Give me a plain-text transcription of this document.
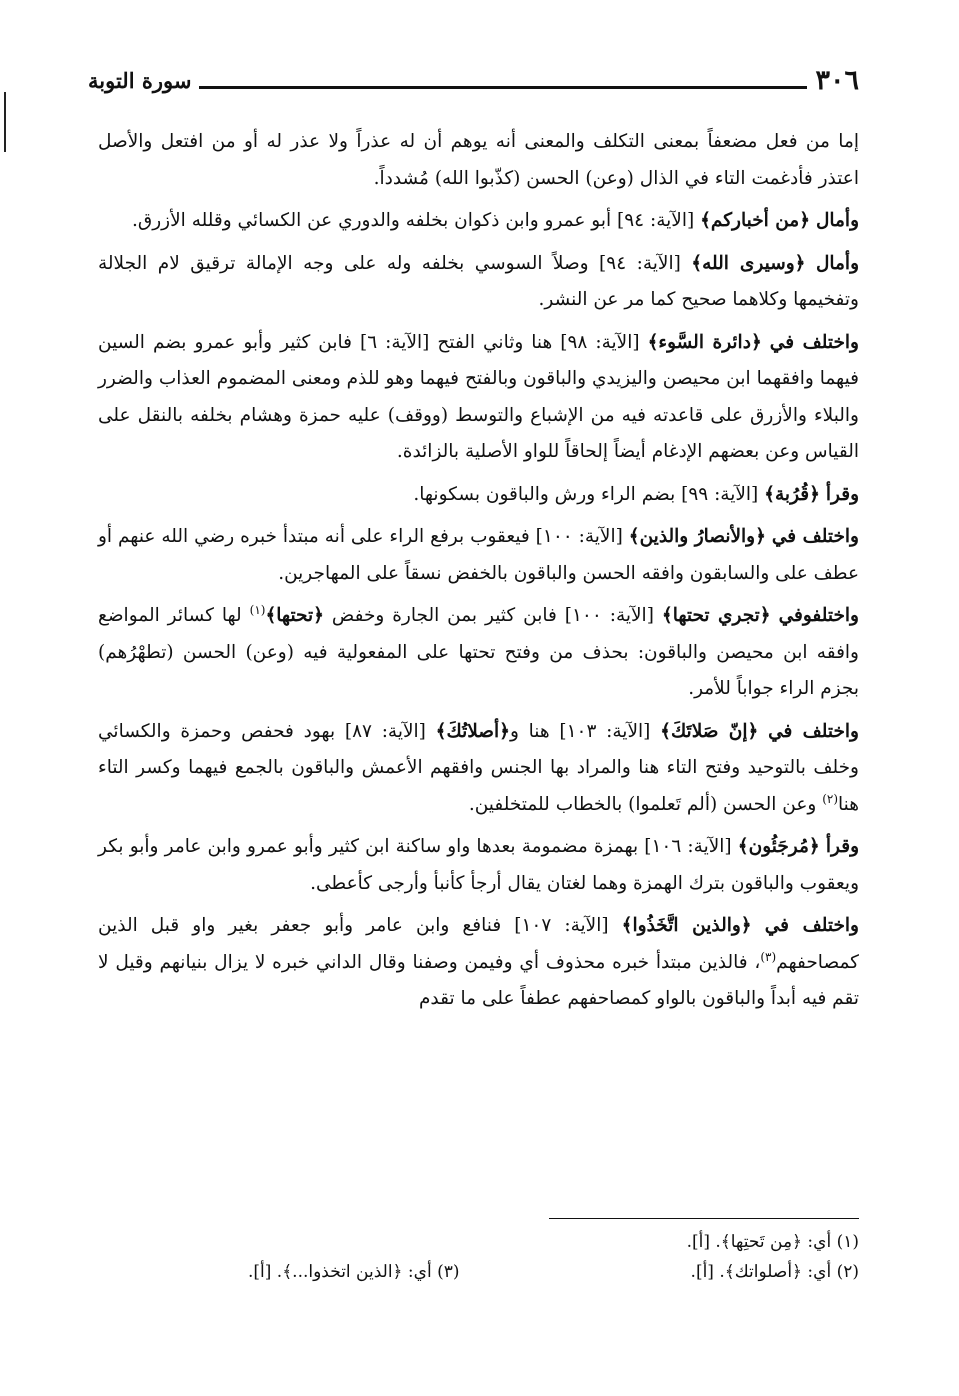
٣٠٦
سورة التوبة

إما من فعل مضعفاً بمعنى التكلف والمعنى أنه يوهم أن له عذراً ولا عذر له أو من افتعل والأصل اعتذر فأدغمت التاء في الذال (وعن) الحسن (كذّبوا الله) مُشدداً.

وأمال ﴿من أخباركم﴾ [الآية: ٩٤] أبو عمرو وابن ذكوان بخلفه والدوري عن الكسائي وقلله الأزرق.

وأمال ﴿وسيرى الله﴾ [الآية: ٩٤] وصلاً السوسي بخلفه وله على وجه الإمالة ترقيق لام الجلالة وتفخيمها وكلاهما صحيح كما مر عن النشر.

واختلف في ﴿دائرة السَّوء﴾ [الآية: ٩٨] هنا وثاني الفتح [الآية: ٦] فابن كثير وأبو عمرو بضم السين فيهما وافقهما ابن محيصن واليزيدي والباقون وبالفتح فيهما وهو للذم ومعنى المضموم العذاب والضرر والبلاء والأزرق على قاعدته فيه من الإشباع والتوسط (ووقف) عليه حمزة وهشام بخلفه بالنقل على القياس وعن بعضهم الإدغام أيضاً إلحاقاً للواو الأصلية بالزائدة.

وقرأ ﴿قُرُبة﴾ [الآية: ٩٩] بضم الراء ورش والباقون بسكونها.

واختلف في ﴿والأنصارُ والذين﴾ [الآية: ١٠٠] فيعقوب برفع الراء على أنه مبتدأ خبره رضي الله عنهم أو عطف على والسابقون وافقه الحسن والباقون بالخفض نسقاً على المهاجرين.

واختلفوفي ﴿تجري تحتها﴾ [الآية: ١٠٠] فابن كثير بمن الجارة وخفض ﴿تحتها﴾$^{(١)}$ لها كسائر المواضع وافقه ابن محيصن والباقون: بحذف من وفتح تحتها على المفعولية فيه (وعن) الحسن (تطهْرُهم) بجزم الراء جواباً للأمر.

واختلف في ﴿إنّ صَلاتَكَ﴾ [الآية: ١٠٣] هنا و﴿أصلاتُكَ﴾ [الآية: ٨٧] بهود فحفص وحمزة والكسائي وخلف بالتوحيد وفتح التاء هنا والمراد بها الجنس وافقهم الأعمش والباقون بالجمع فيهما وكسر التاء هنا$^{(٢)}$ وعن الحسن (ألم تَعلموا) بالخطاب للمتخلفين.

وقرأ ﴿مُرجَئُون﴾ [الآية: ١٠٦] بهمزة مضمومة بعدها واو ساكنة ابن كثير وأبو عمرو وابن عامر وأبو بكر ويعقوب والباقون بترك الهمزة وهما لغتان يقال أرجأ كأنبأ وأرجى كأعطى.

واختلف في ﴿والذين اتَّخَذُوا﴾ [الآية: ١٠٧] فنافع وابن عامر وأبو جعفر بغير واو قبل الذين كمصاحفهم$^{(٣)}$، فالذين مبتدأ خبره محذوف أي وفيمن وصفنا وقال الداني خبره لا يزال بنيانهم وقيل لا تقم فيه أبداً والباقون بالواو كمصاحفهم عطفاً على ما تقدم

(١) أي: ﴿مِن تَحتِها﴾. [أ].
(٢) أي: ﴿أصلواتك﴾. [أ].
(٣) أي: ﴿الذين اتخذوا...﴾. [أ].
